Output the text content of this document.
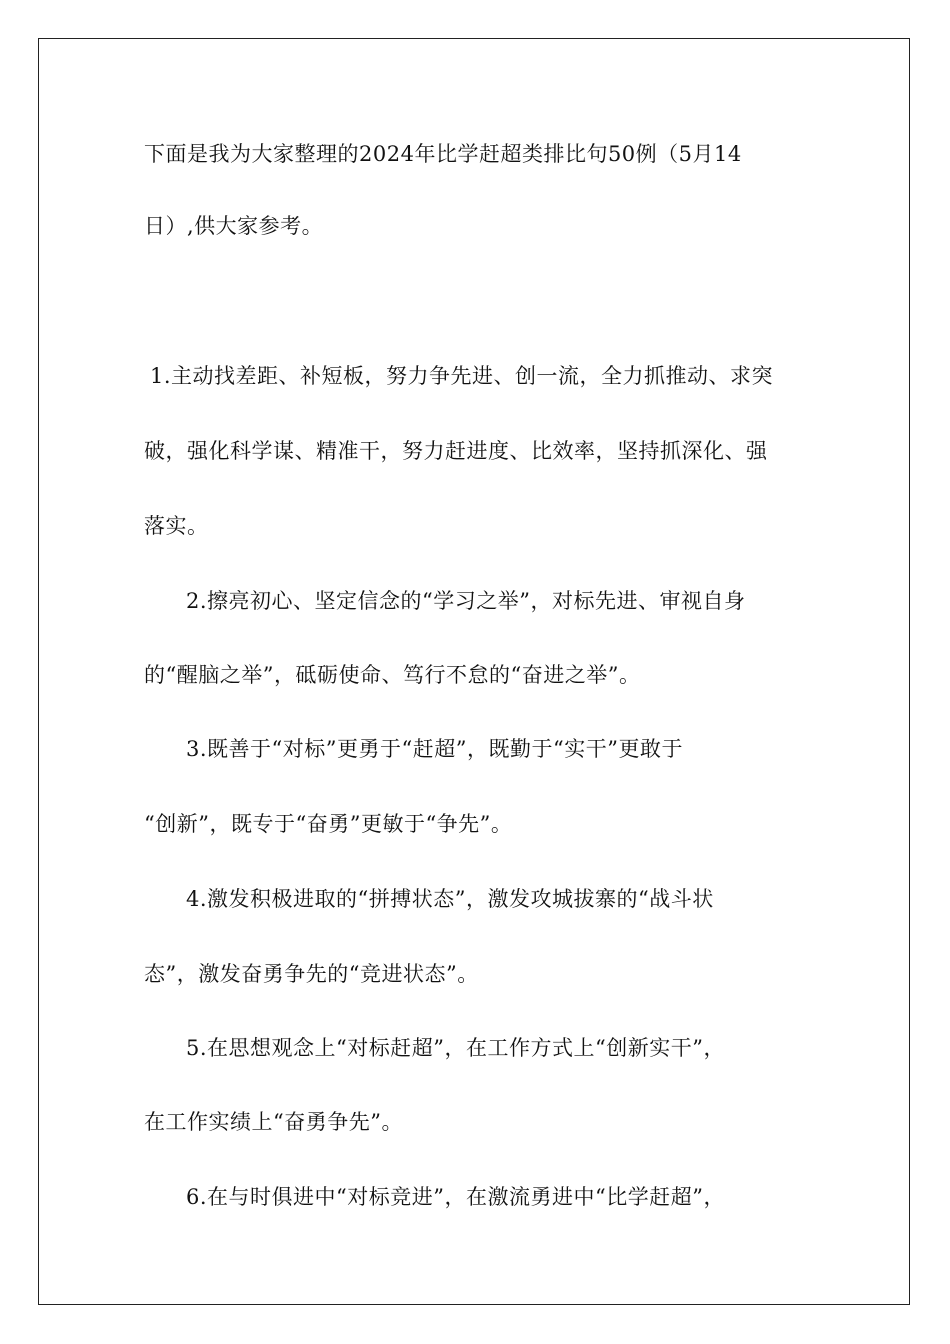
下面是我为大家整理的2024年比学赶超类排比句50例（5月14
日）,供大家参考。
1.主动找差距、补短板，努力争先进、创一流，全力抓推动、求突
破，强化科学谋、精准干，努力赶进度、比效率，坚持抓深化、强
落实。
2.擦亮初心、坚定信念的“学习之举”，对标先进、审视自身
的“醒脑之举”，砥砺使命、笃行不怠的“奋进之举”。
3.既善于“对标”更勇于“赶超”，既勤于“实干”更敢于
“创新”，既专于“奋勇”更敏于“争先”。
4.激发积极进取的“拼搏状态”，激发攻城拔寨的“战斗状
态”，激发奋勇争先的“竞进状态”。
5.在思想观念上“对标赶超”，在工作方式上“创新实干”，
在工作实绩上“奋勇争先”。
6.在与时俱进中“对标竞进”，在激流勇进中“比学赶超”，
